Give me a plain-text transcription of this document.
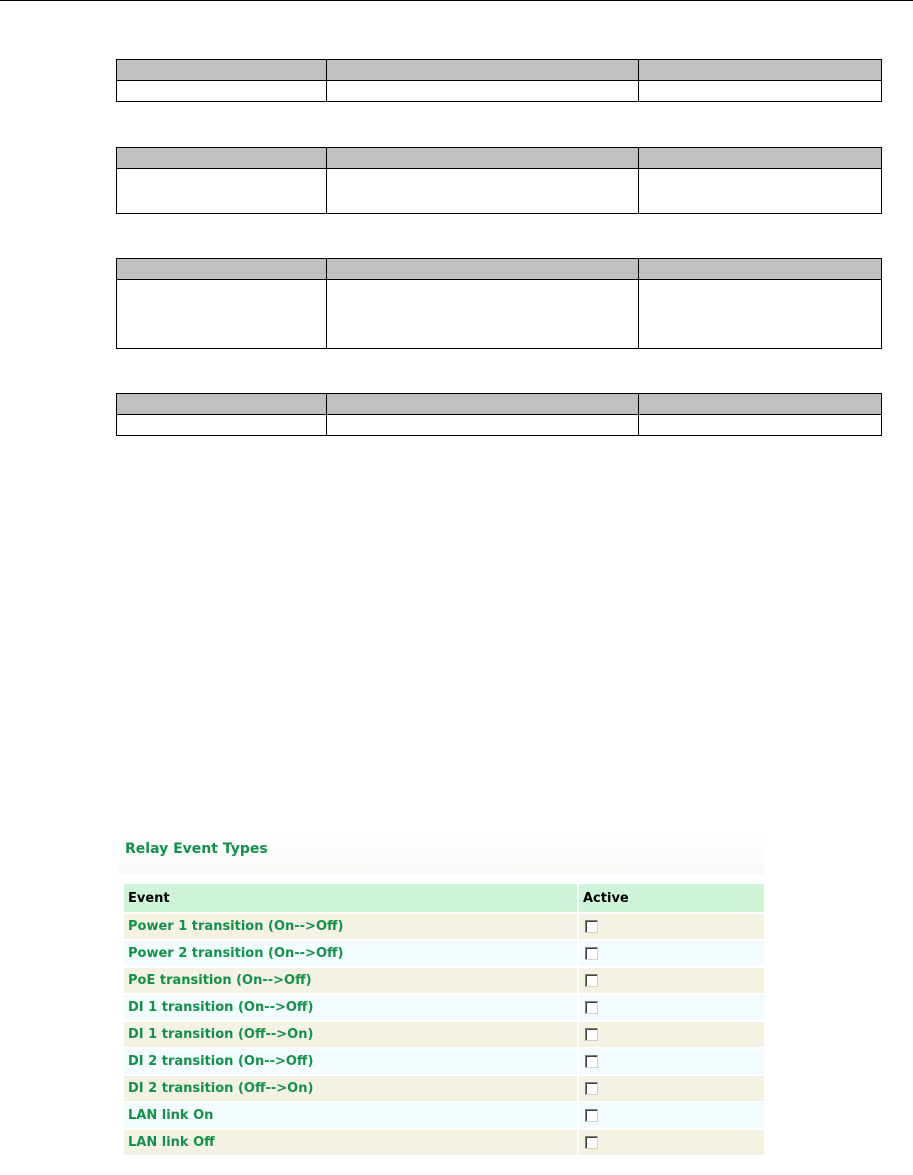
Relay Event Types
Event	Active
Power 1 transition (On-->Off)	
Power 2 transition (On-->Off)	
PoE transition (On-->Off)	
DI 1 transition (On-->Off)	
DI 1 transition (Off-->On)	
DI 2 transition (On-->Off)	
DI 2 transition (Off-->On)	
LAN link On	
LAN link Off	
